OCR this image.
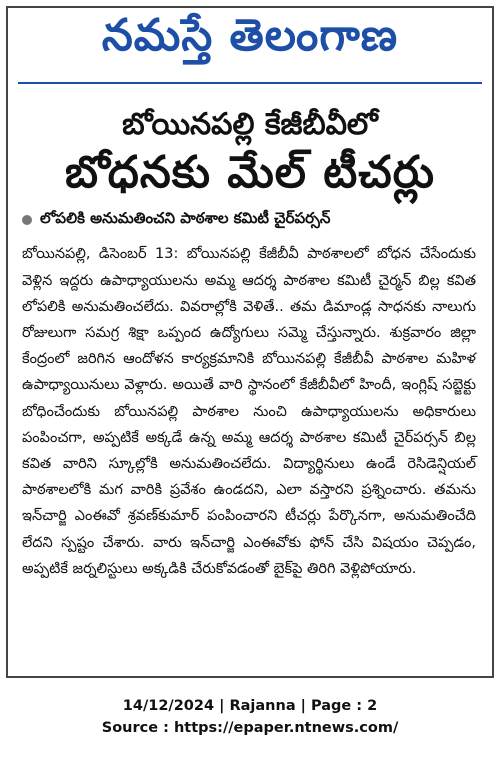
నమస్తే తెలంగాణ
బోయినపల్లి కేజీబీవీలో
బోధనకు మేల్ టీచర్లు
లోపలికి అనుమతించని పాఠశాల కమిటీ చైర్‌పర్సన్
బోయినపల్లి, డిసెంబర్ 13: బోయినపల్లి కేజీబీవీ పాఠశాలలో బోధన చేసేందుకు వెళ్లిన ఇద్దరు ఉపాధ్యాయులను అమ్మ ఆదర్శ పాఠశాల కమిటీ చైర్మన్ బిల్ల కవిత లోపలికి అనుమతించలేదు. వివరాల్లోకి వెళితే.. తమ డిమాండ్ల సాధనకు నాలుగు రోజులుగా సమగ్ర శిక్షా ఒప్పంద ఉద్యోగులు సమ్మె చేస్తున్నారు. శుక్రవారం జిల్లా కేంద్రంలో జరిగిన ఆందోళన కార్యక్రమానికి బోయినపల్లి కేజీబీవీ పాఠశాల మహిళ ఉపాధ్యాయినులు వెళ్లారు. అయితే వారి స్థానంలో కేజీబీవీలో హిందీ, ఇంగ్లిష్ సబ్జెక్టు బోధించేందుకు బోయినపల్లి పాఠశాల నుంచి ఉపాధ్యాయులను అధికారులు పంపించగా, అప్పటికే అక్కడే ఉన్న అమ్మ ఆదర్శ పాఠశాల కమిటీ చైర్‌పర్సన్ బిల్ల కవిత వారిని స్కూల్లోకి అనుమతించలేదు. విద్యార్థినులు ఉండే రెసిడెన్షియల్ పాఠశాలలోకి మగ వారికి ప్రవేశం ఉండదని, ఎలా వస్తారని ప్రశ్నించారు. తమను ఇన్‌చార్జి ఎంఈవో శ్రవణ్‌కుమార్ పంపించారని టీచర్లు పేర్కొనగా, అనుమతించేది లేదని స్పష్టం చేశారు. వారు ఇన్‌చార్జి ఎంఈవోకు ఫోన్ చేసి విషయం చెప్పడం, అప్పటికే జర్నలిస్టులు అక్కడికి చేరుకోవడంతో బైక్‌పై తిరిగి వెళ్లిపోయారు.
14/12/2024 | Rajanna | Page : 2
Source : https://epaper.ntnews.com/
